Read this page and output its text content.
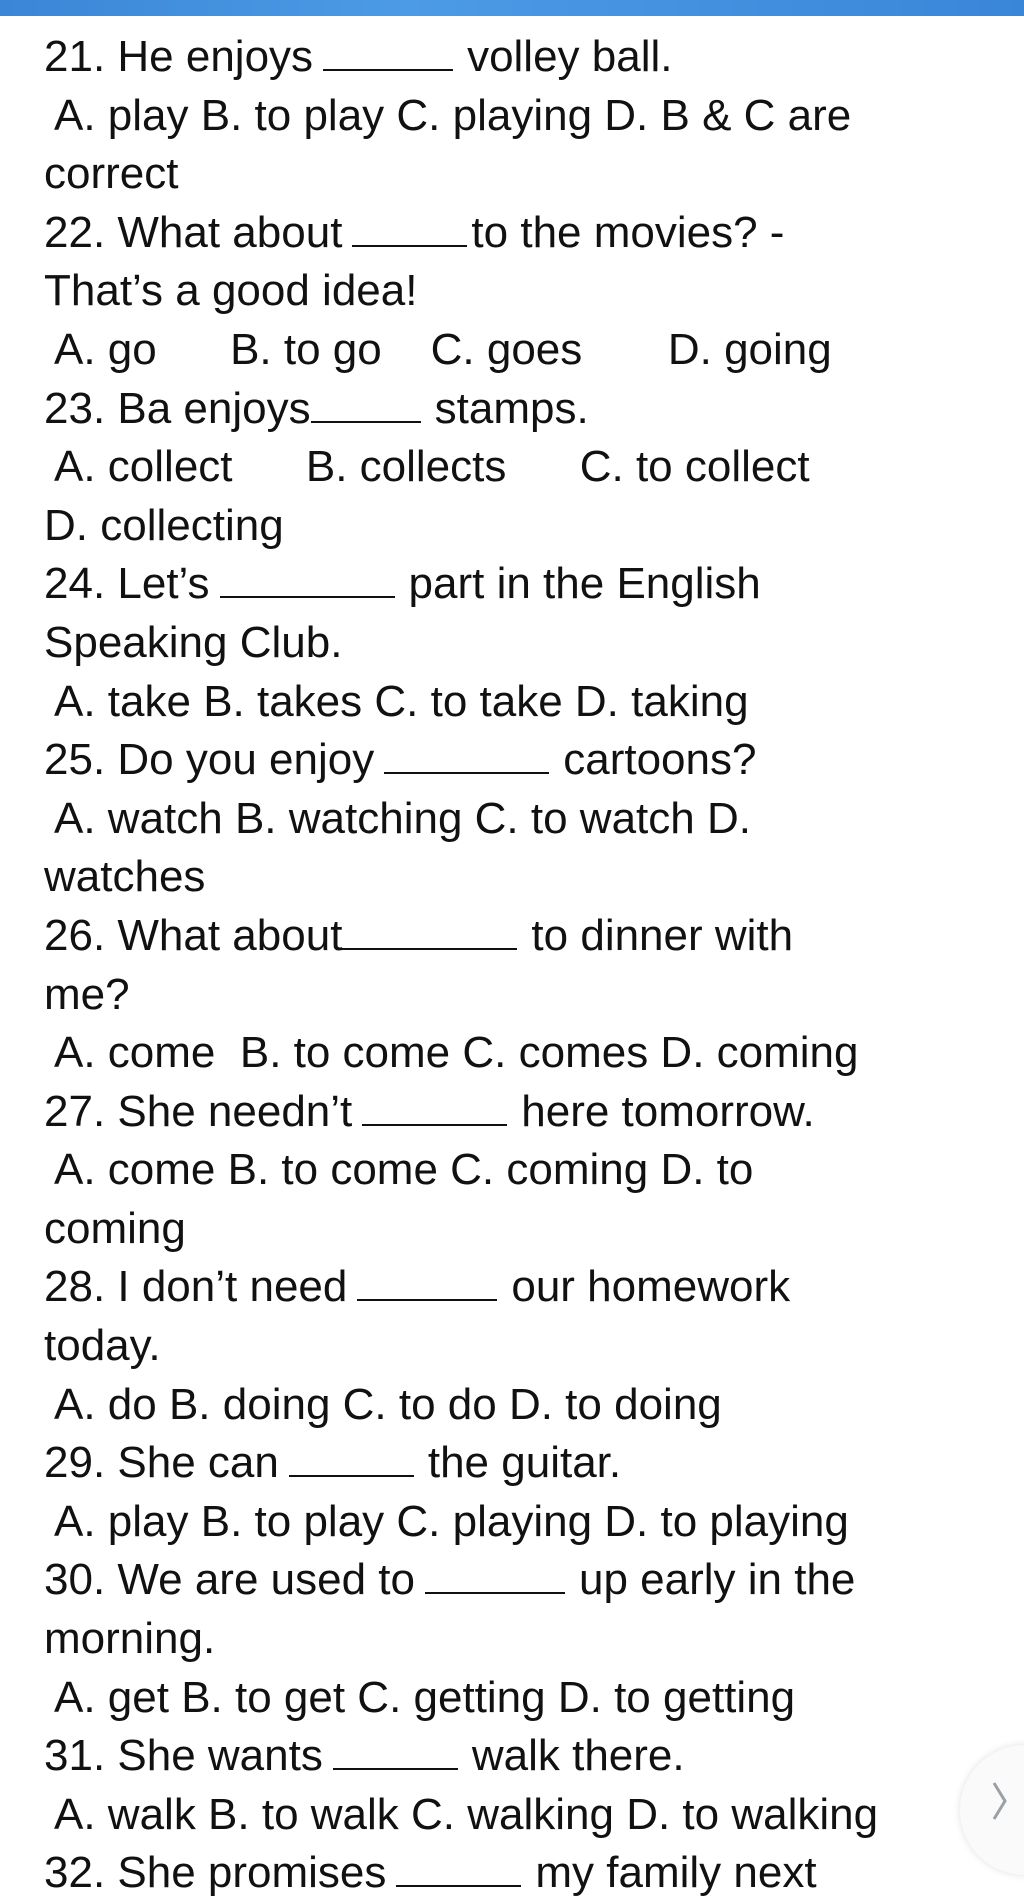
21. He enjoys	volley ball.
A. play B. to play C. playing D. B & C are
correct
22. What about	to the movies? -
That’s a good idea!
A. go      B. to go    C. goes       D. going
23. Ba enjoys	stamps.
A. collect      B. collects      C. to collect
D. collecting
24. Let’s	part in the English
Speaking Club.
A. take B. takes C. to take D. taking
25. Do you enjoy	cartoons?
A. watch B. watching C. to watch D.
watches
26. What about	to dinner with
me?
A. come  B. to come C. comes D. coming
27. She needn’t	here tomorrow.
A. come B. to come C. coming D. to
coming
28. I don’t need	our homework
today.
A. do B. doing C. to do D. to doing
29. She can	the guitar.
A. play B. to play C. playing D. to playing
30. We are used to	up early in the
morning.
A. get B. to get C. getting D. to getting
31. She wants	walk there.
A. walk B. to walk C. walking D. to walking
32. She promises	my family next
